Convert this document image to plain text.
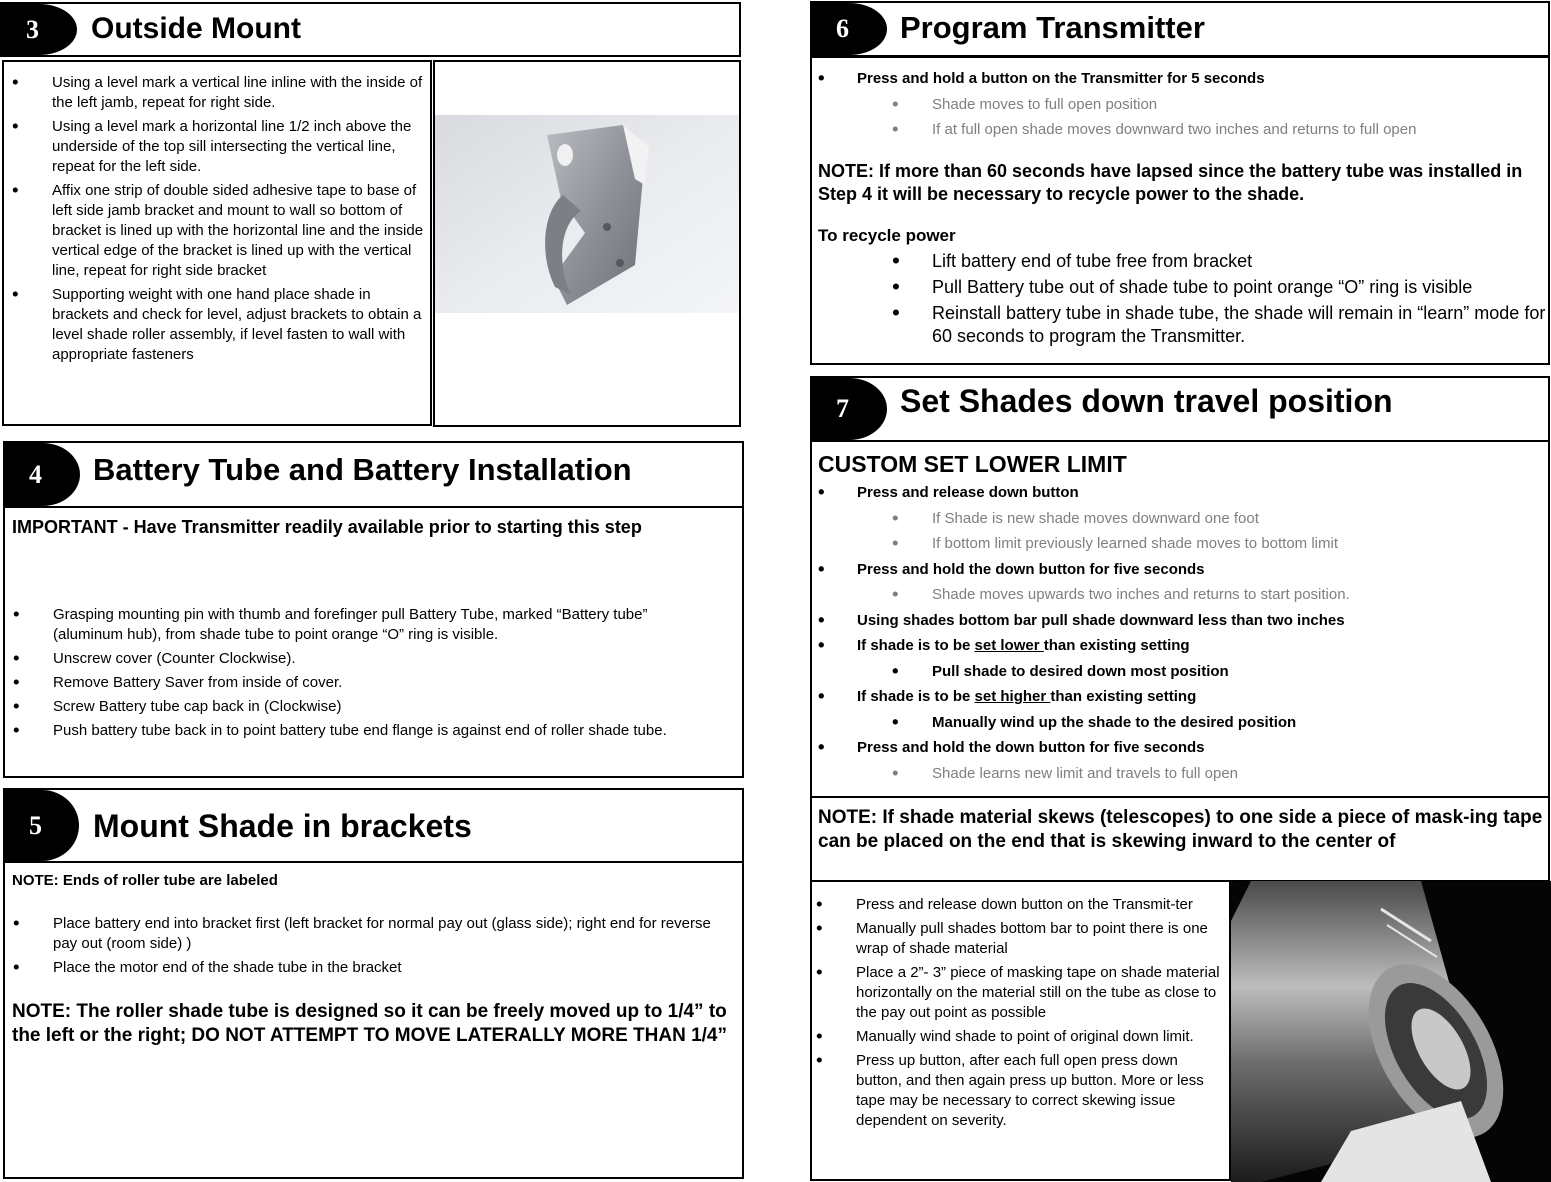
3	Outside Mount
• Using a level mark a vertical line inline with the inside of the left jamb, repeat for right side.
• Using a level mark a horizontal line 1/2 inch above the underside of the top sill intersecting the vertical line, repeat for the left side.
• Affix one strip of double sided adhesive tape to base of left side jamb bracket and mount to wall so bottom of bracket is lined up with the horizontal line and the inside vertical edge of the bracket is lined up with the vertical line, repeat for right side bracket
• Supporting weight with one hand place shade in brackets and check for level, adjust brackets to obtain a level shade roller assembly, if level fasten to wall with appropriate fasteners
4	Battery Tube and Battery Installation
IMPORTANT - Have Transmitter readily available prior to starting this step
• Grasping mounting pin with thumb and forefinger pull Battery Tube, marked “Battery tube” (aluminum hub), from shade tube to point orange “O” ring is visible.
• Unscrew cover (Counter Clockwise).
• Remove Battery Saver from inside of cover.
• Screw Battery tube cap back in (Clockwise)
• Push battery tube back in to point battery tube end flange is against end of roller shade tube.
5	Mount Shade in brackets
NOTE: Ends of roller tube are labeled
• Place battery end into bracket first (left bracket for normal pay out (glass side); right end for reverse pay out (room side) )
• Place the motor end of the shade tube in the bracket
NOTE: The roller shade tube is designed so it can be freely moved up to 1/4” to the left or the right; DO NOT ATTEMPT TO MOVE LATERALLY MORE THAN 1/4”
6	Program Transmitter
• Press and hold a button on the Transmitter for 5 seconds
• Shade moves to full open position
• If at full open shade moves downward two inches and returns to full open
NOTE: If more than 60 seconds have lapsed since the battery tube was installed in Step 4 it will be necessary to recycle power to the shade.
To recycle power
• Lift battery end of tube free from bracket
• Pull Battery tube out of shade tube to point orange “O” ring is visible
• Reinstall battery tube in shade tube, the shade will remain in “learn” mode for 60 seconds to program the Transmitter.
7	Set Shades down travel position
CUSTOM SET LOWER LIMIT
• Press and release down button
• If Shade is new shade moves downward one foot
• If bottom limit previously learned shade moves to bottom limit
• Press and hold the down button for five seconds
• Shade moves upwards two inches and returns to start position.
• Using shades bottom bar pull shade downward less than two inches
• If shade is to be set lower than existing setting
• Pull shade to desired down most position
• If shade is to be set higher than existing setting
• Manually wind up the shade to the desired position
• Press and hold the down button for five seconds
• Shade learns new limit and travels to full open
NOTE: If shade material skews (telescopes) to one side a piece of mask-ing tape can be placed on the end that is skewing inward to the center of
• Press and release down button on the Transmit-ter
• Manually pull shades bottom bar to point there is one wrap of shade material
• Place a 2”- 3” piece of masking tape on shade material horizontally on the material still on the tube as close to the pay out point as possible
• Manually wind shade to point of original down limit.
• Press up button, after each full open press down button, and then again press up button. More or less tape may be necessary to correct skewing issue dependent on severity.
